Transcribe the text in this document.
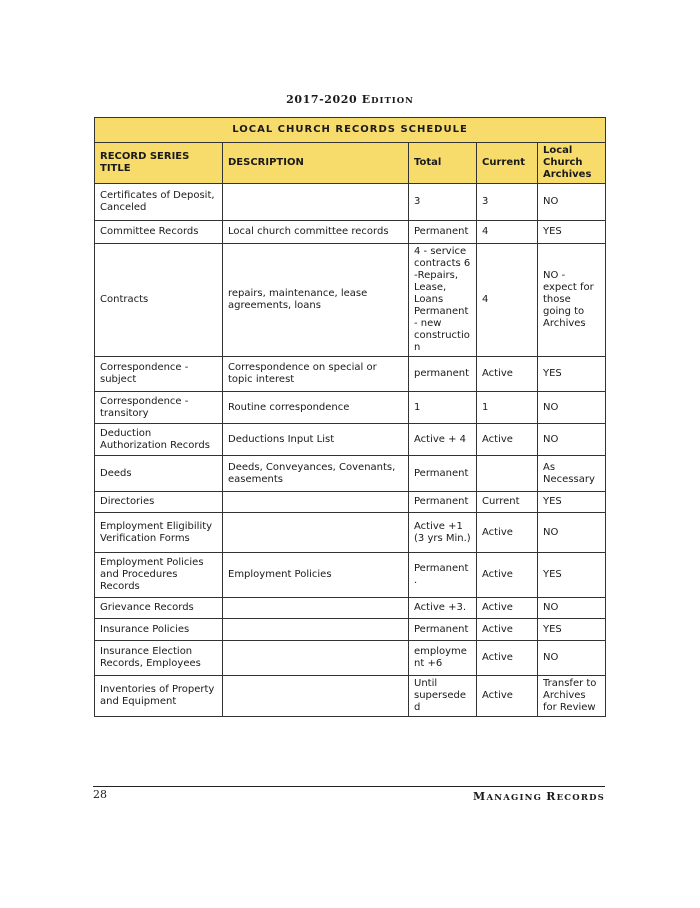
2017-2020 EDITION
LOCAL CHURCH RECORDS SCHEDULE				
RECORD SERIES TITLE	DESCRIPTION	Total	Current	Local Church Archives
Certificates of Deposit, Canceled		3	3	NO
Committee Records	Local church committee records	Permanent	4	YES
Contracts	repairs, maintenance, lease agreements, loans	4 - service contracts 6 -Repairs, Lease, Loans Permanent - new constructio n	4	NO - expect for those going to Archives
Correspondence - subject	Correspondence on special or topic interest	permanent	Active	YES
Correspondence - transitory	Routine correspondence	1	1	NO
Deduction Authorization Records	Deductions Input List	Active + 4	Active	NO
Deeds	Deeds, Conveyances, Covenants, easements	Permanent		As Necessary
Directories		Permanent	Current	YES
Employment Eligibility Verification Forms		Active +1 (3 yrs Min.)	Active	NO
Employment Policies and Procedures Records	Employment Policies	Permanent .	Active	YES
Grievance Records		Active +3.	Active	NO
Insurance Policies		Permanent	Active	YES
Insurance Election Records, Employees		employme nt +6	Active	NO
Inventories of Property and Equipment		Until supersede d	Active	Transfer to Archives for Review
28	MANAGING RECORDS
